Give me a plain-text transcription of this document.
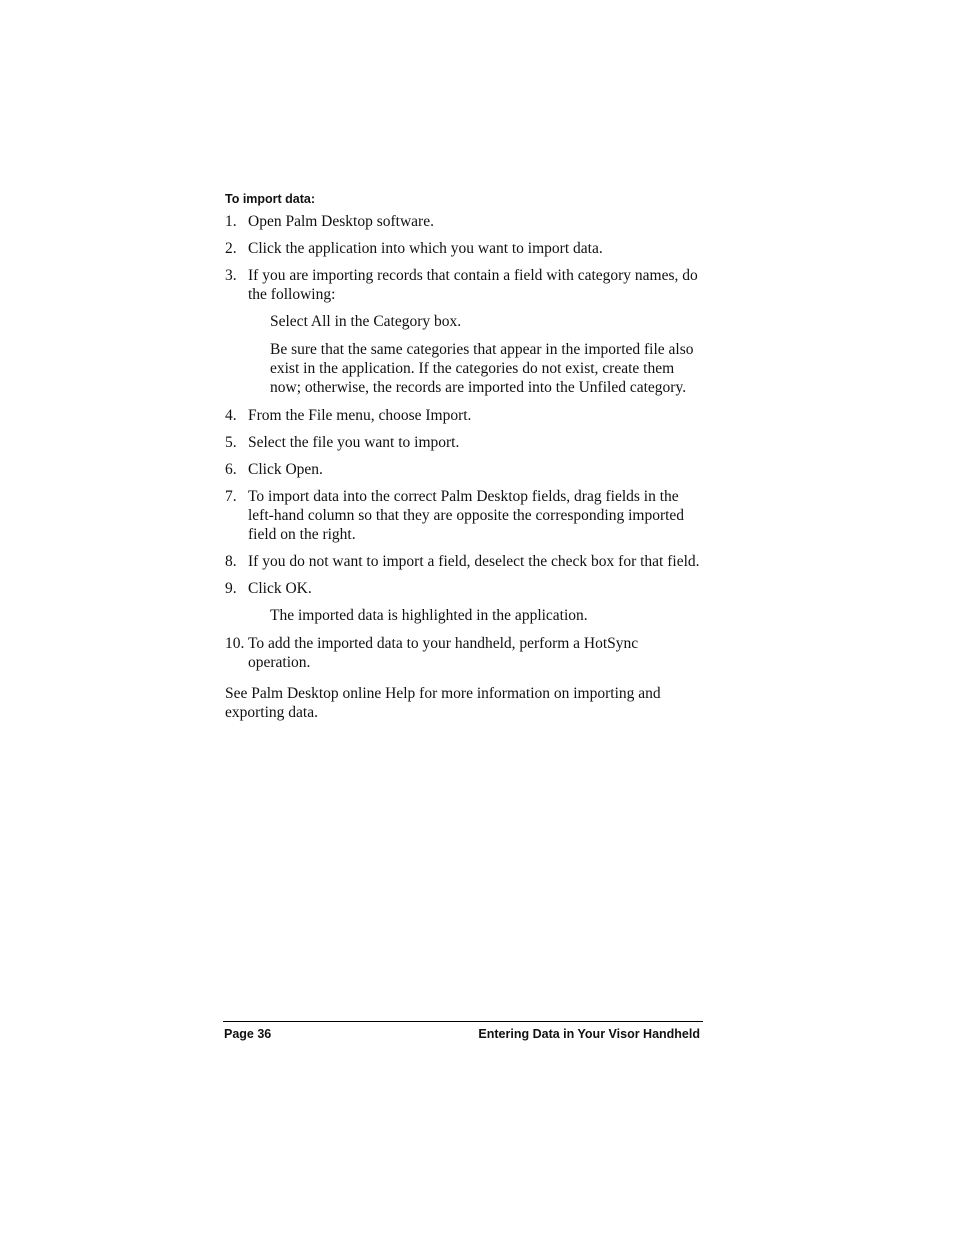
To import data:
1. Open Palm Desktop software.
2. Click the application into which you want to import data.
3. If you are importing records that contain a field with category names, do the following:
Select All in the Category box.
Be sure that the same categories that appear in the imported file also exist in the application. If the categories do not exist, create them now; otherwise, the records are imported into the Unfiled category.
4. From the File menu, choose Import.
5. Select the file you want to import.
6. Click Open.
7. To import data into the correct Palm Desktop fields, drag fields in the left-hand column so that they are opposite the corresponding imported field on the right.
8. If you do not want to import a field, deselect the check box for that field.
9. Click OK.
The imported data is highlighted in the application.
10. To add the imported data to your handheld, perform a HotSync operation.
See Palm Desktop online Help for more information on importing and exporting data.
Page 36	Entering Data in Your Visor Handheld
